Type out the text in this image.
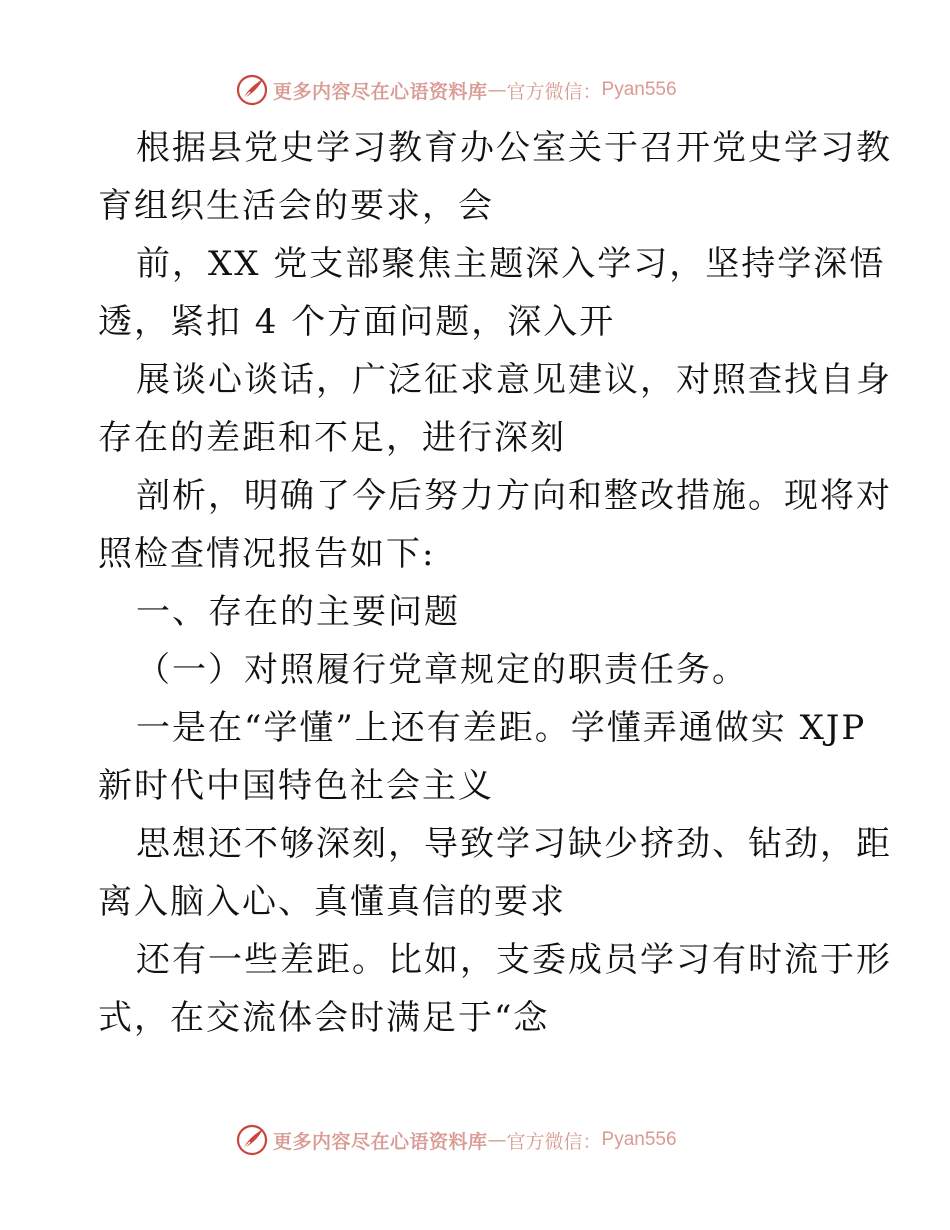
更多内容尽在心语资料库 — 官方微信： Pyan556
根据县党史学习教育办公室关于召开党史学习教
育组织生活会的要求，会
前，XX 党支部聚焦主题深入学习，坚持学深悟
透，紧扣 4 个方面问题，深入开
展谈心谈话，广泛征求意见建议，对照查找自身
存在的差距和不足，进行深刻
剖析，明确了今后努力方向和整改措施。现将对
照检查情况报告如下:
一、存在的主要问题
（一）对照履行党章规定的职责任务。
一是在“学懂”上还有差距。学懂弄通做实 XJP
新时代中国特色社会主义
思想还不够深刻，导致学习缺少挤劲、钻劲，距
离入脑入心、真懂真信的要求
还有一些差距。比如，支委成员学习有时流于形
式，在交流体会时满足于“念
更多内容尽在心语资料库 — 官方微信： Pyan556
